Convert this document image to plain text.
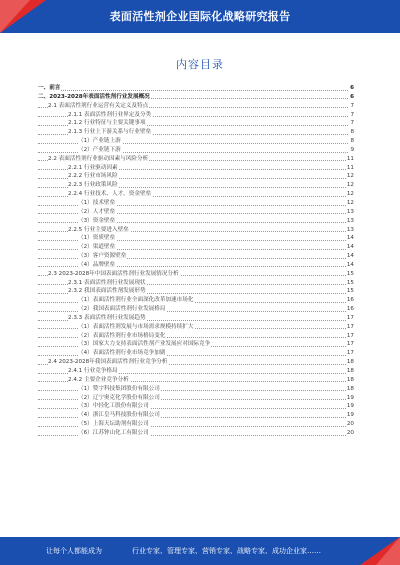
表面活性剂企业国际化战略研究报告
内容目录
一、前言	6
二、2023-2028年表面活性剂行业发展概况	6
2.1 表面活性剂行业运营有关定义及特点	7
2.1.1 表面活性剂行业界定及分类	7
2.1.2 行业特征与主要关键事项	7
2.1.3 行业上下游关系与行业壁垒	8
（1）产业链上游	8
（2）产业链下游	9
2.2 表面活性剂行业驱动因素与风险分析	11
2.2.1 行业驱动因素	11
2.2.2 行业市场风险	12
2.2.3 行业政策风险	12
2.2.4 行业技术、人才、资金壁垒	12
（1）技术壁垒	12
（2）人才壁垒	13
（3）资金壁垒	13
2.2.5 行业主要进入壁垒	13
（1）资质壁垒	14
（2）渠道壁垒	14
（3）客户资源壁垒	14
（4）品牌壁垒	14
2.3 2023-2028年中国表面活性剂行业发展情况分析	15
2.3.1 表面活性剂行业发展现状	15
2.3.2 我国表面活性剂发展形势	15
（1）表面活性剂行业全面深化改革加速市场化	16
（2）我国表面活性剂行业发展格局	16
2.3.3 表面活性剂行业发展趋势	17
（1）表面活性剂发展与市场需求规模持续扩大	17
（2）表面活性剂行业市场格局变化	17
（3）国家大力支持表面活性剂产业发展应对国际竞争	17
（4）表面活性剂行业市场竞争加剧	17
2.4 2023-2028年我国表面活性剂行业竞争分析	18
2.4.1 行业竞争格局	18
2.4.2 主要企业竞争分析	18
（1）赞宇科技集团股份有限公司	18
（2）辽宁奥克化学股份有限公司	19
（3）中轻化工股份有限公司	19
（4）浙江皇马科技股份有限公司	19
（5）上海天坛助剂有限公司	20
（6）江苏钟山化工有限公司	20
让每个人都能成为	行业专家、管理专家、营销专家、战略专家、成功企业家……
